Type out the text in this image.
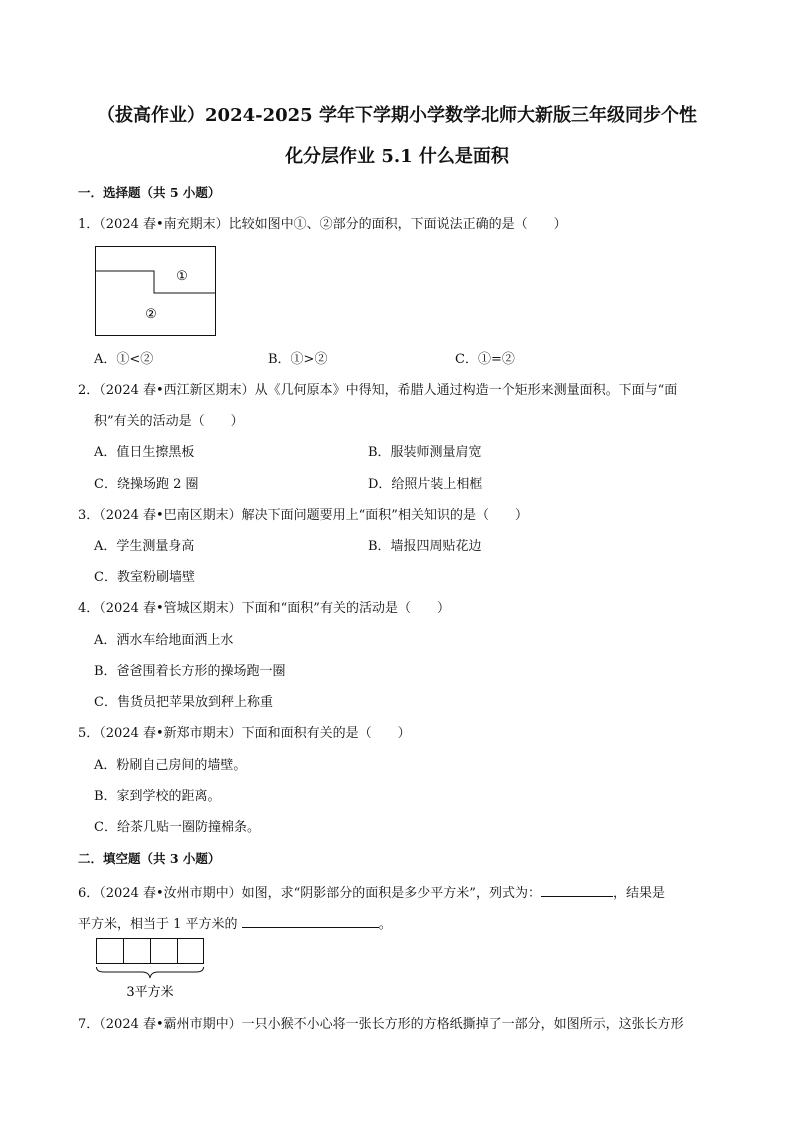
（拔高作业）2024-2025 学年下学期小学数学北师大新版三年级同步个性
化分层作业 5.1 什么是面积
一．选择题（共 5 小题）
1．（2024 春•南充期末）比较如图中①、②部分的面积，下面说法正确的是（　　）
①
②
A．①<②	B．①>②	C．①=②
2．（2024 春•西江新区期末）从《几何原本》中得知，希腊人通过构造一个矩形来测量面积。下面与“面
积”有关的活动是（　　）
A．值日生擦黑板	B．服装师测量肩宽
C．绕操场跑 2 圈	D．给照片装上相框
3．（2024 春•巴南区期末）解决下面问题要用上“面积”相关知识的是（　　）
A．学生测量身高	B．墙报四周贴花边
C．教室粉刷墙壁
4．（2024 春•管城区期末）下面和“面积”有关的活动是（　　）
A．洒水车给地面洒上水
B．爸爸围着长方形的操场跑一圈
C．售货员把苹果放到秤上称重
5．（2024 春•新郑市期末）下面和面积有关的是（　　）
A．粉刷自己房间的墙壁。
B．家到学校的距离。
C．给茶几贴一圈防撞棉条。
二．填空题（共 3 小题）
6．（2024 春•汝州市期中）如图，求“阴影部分的面积是多少平方米”，列式为：	，结果是
平方米，相当于 1 平方米的	。
3平方米
7．（2024 春•霸州市期中）一只小猴不小心将一张长方形的方格纸撕掉了一部分，如图所示，这张长方形
